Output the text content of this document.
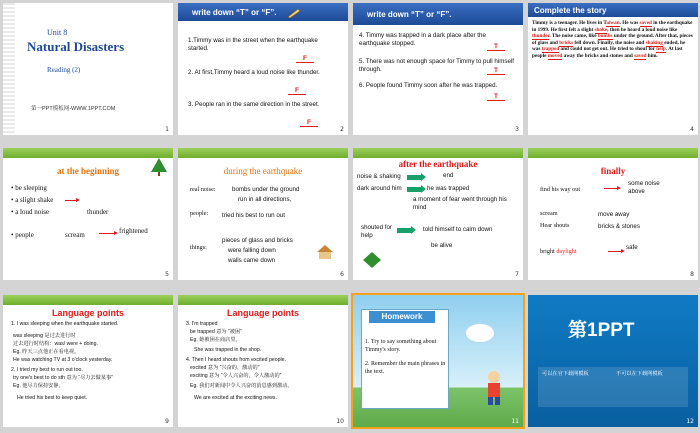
Unit 8
Natural Disasters
Reading (2)
第一PPT模板网-WWW.1PPT.COM
1
write down “T” or “F”.
1.Timmy was in the street when the earthquake started.
F
2. At first,Timmy heard a loud noise like thunder.
F
3. People ran in the same direction in the street.
F
2
write down “T” or “F”.
4. Timmy was trapped in a dark place after the earthquake stopped.	T
5. There was not enough space for Timmy to pull himself through.	T
6. People found Timmy soon after he was trapped.
T
3
Complete the story
Timmy is a teenager. He lives in Taiwan. He was saved in the earthquake in 1999. He first felt a slight shake, then he heard a loud noise like thunder. The noise came, like bombs under the ground. After that, pieces of glass and bricks fell down. Finally, the noise and shaking ended, he was trapped and could not get out. He tried to shout for help. At last people moved away the bricks and stones and saved him.
4
at the beginning
• be sleeping
• a slight shake
• a loud noise	thunder
• people	scream	frightened
5
during the earthquake
real noise:	bombs under the ground
run in all directions,
people: tried his best to run out
things:
pieces of glass and bricks
were falling down
walls came down
6
after the earthquake
noise & shaking	end
dark around him	he was trapped
a moment of fear went through his mind
shouted for help
told himself to calm down
be alive
7
finally
find his way out
some noise above
scream	move away
Hear shouts	bricks & stones
bright daylight
safe
8
Language points
1. I was sleeping when the earthquake started.
was sleeping 是过去进行时
过去进行时结构：was/ were + doing.
Eg. 昨天三点他正在看电视。
He was watching TV at 3 o'clock yesterday.
2. I tried my best to run out too.
try one's best to do sth 意为 “尽力去做某事”
Eg. 他尽力保持安静。
He tried his best to keep quiet.
9
Language points
3. I'm trapped
be trapped 意为 “被困”
Eg. 她被困在商店里。
She was trapped in the shop.
4. Then I heard shouts from excited people.
excited 意为 “兴奋的，激动的”
exciting 意为 “令人兴奋的，令人激动的”
Eg. 我们对新闻中令人兴奋的消息感到激动。
We are excited at the exciting news.
10
Homework
1. Try to say something about Timmy's story.
2. Remember the main phrases in the text.
11
第1PPT
可以在官下载网模板	不可以在下载网模板
12
